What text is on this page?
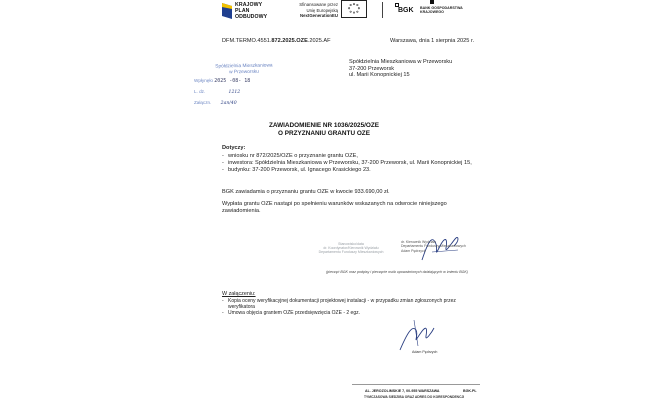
KRAJOWY
PLAN
ODBUDOWY
Sfinansowane przez
Unię Europejską
NextGenerationEU
BGK BANK GOSPODARSTWA
KRAJOWEGO
DFM.TERMO.4551.872.2025.OZE.2025.AF	Warszawa, dnia 1 sierpnia 2025 r.
Spółdzielnia Mieszkaniowa
w Przeworsku
Wpłynęło 2025 -08- 18
L. dz.	1212
Załączn. 2an/40
Spółdzielnia Mieszkaniowa w Przeworsku
37-200 Przeworsk
ul. Marii Konopnickiej 15
ZAWIADOMIENIE NR 1036/2025/OZE
O PRZYZNANIU GRANTU OZE
Dotyczy:
- wniosku nr 872/2025/OZE o przyznanie grantu OZE,
- inwestora: Spółdzielnia Mieszkaniowa w Przeworsku, 37-200 Przeworsk, ul. Marii Konopnickiej 15,
- budynku: 37-200 Przeworsk, ul. Ignacego Krasickiego 23.
BGK zawiadamia o przyznaniu grantu OZE w kwocie 933.690,00 zł.
Wypłata grantu OZE nastąpi po spełnieniu warunków wskazanych na odwrocie niniejszego zawiadomienia.
Stanowisko/data
dr. Koordynator/Kierownik Wydziału
Departamentu Funduszy Mieszkaniowych
dr. Kierownik Wydziału
Departamentu Funduszy Mieszkaniowych
Adam Pędrzych
(pieczęć BGK oraz podpisy i pieczęcie osób upoważnionych działających w imieniu BGK)
W załączeniu:
- Kopia oceny weryfikacyjnej dokumentacji projektowej instalacji - w przypadku zmian zgłoszonych przez weryfikatora
- Umowa objęcia grantem OZE przedsięwzięcia OZE - 2 egz.
Adam Pędrzych
AL. JEROZOLIMSKIE 7, 00-955 WARSZAWA	BGK.PL
TYMCZASOWA SIEDZIBA ORAZ ADRES DO KORESPONDENCJI
